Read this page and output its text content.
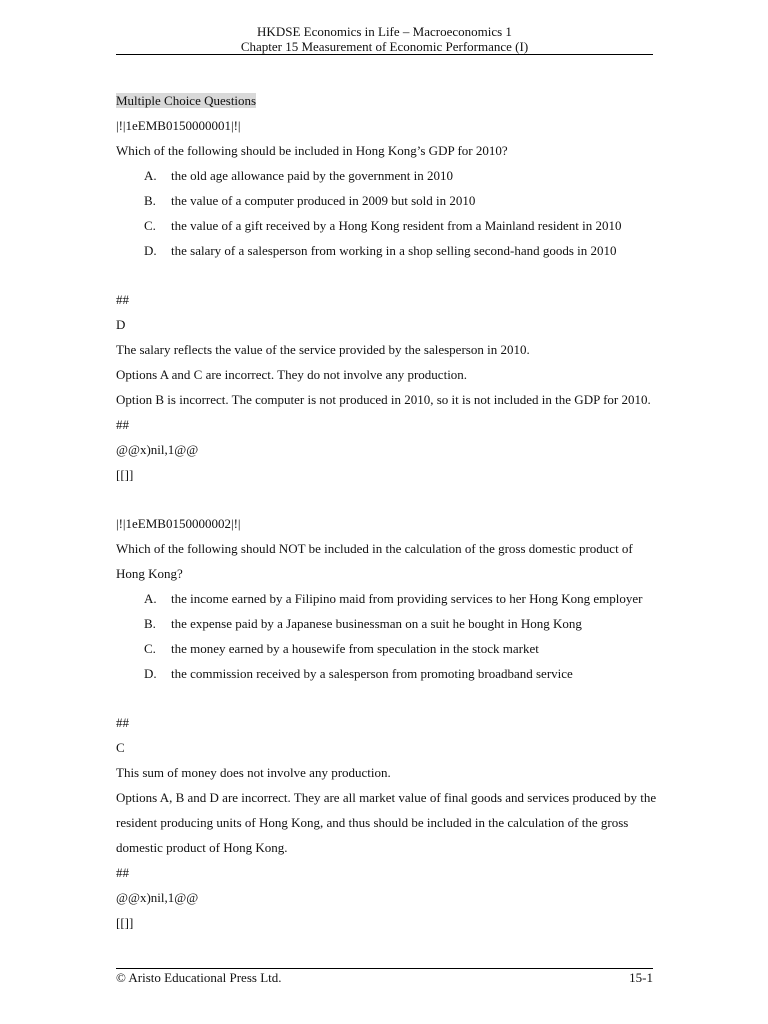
HKDSE Economics in Life – Macroeconomics 1
Chapter 15 Measurement of Economic Performance (I)
Multiple Choice Questions
|!|1eEMB0150000001|!|
Which of the following should be included in Hong Kong’s GDP for 2010?
A.	the old age allowance paid by the government in 2010
B.	the value of a computer produced in 2009 but sold in 2010
C.	the value of a gift received by a Hong Kong resident from a Mainland resident in 2010
D.	the salary of a salesperson from working in a shop selling second-hand goods in 2010
##
D
The salary reflects the value of the service provided by the salesperson in 2010.
Options A and C are incorrect. They do not involve any production.
Option B is incorrect. The computer is not produced in 2010, so it is not included in the GDP for 2010.
##
@@x)nil,1@@
[[]]
|!|1eEMB0150000002|!|
Which of the following should NOT be included in the calculation of the gross domestic product of
Hong Kong?
A.	the income earned by a Filipino maid from providing services to her Hong Kong employer
B.	the expense paid by a Japanese businessman on a suit he bought in Hong Kong
C.	the money earned by a housewife from speculation in the stock market
D.	the commission received by a salesperson from promoting broadband service
##
C
This sum of money does not involve any production.
Options A, B and D are incorrect. They are all market value of final goods and services produced by the
resident producing units of Hong Kong, and thus should be included in the calculation of the gross
domestic product of Hong Kong.
##
@@x)nil,1@@
[[]]
© Aristo Educational Press Ltd.	15-1
